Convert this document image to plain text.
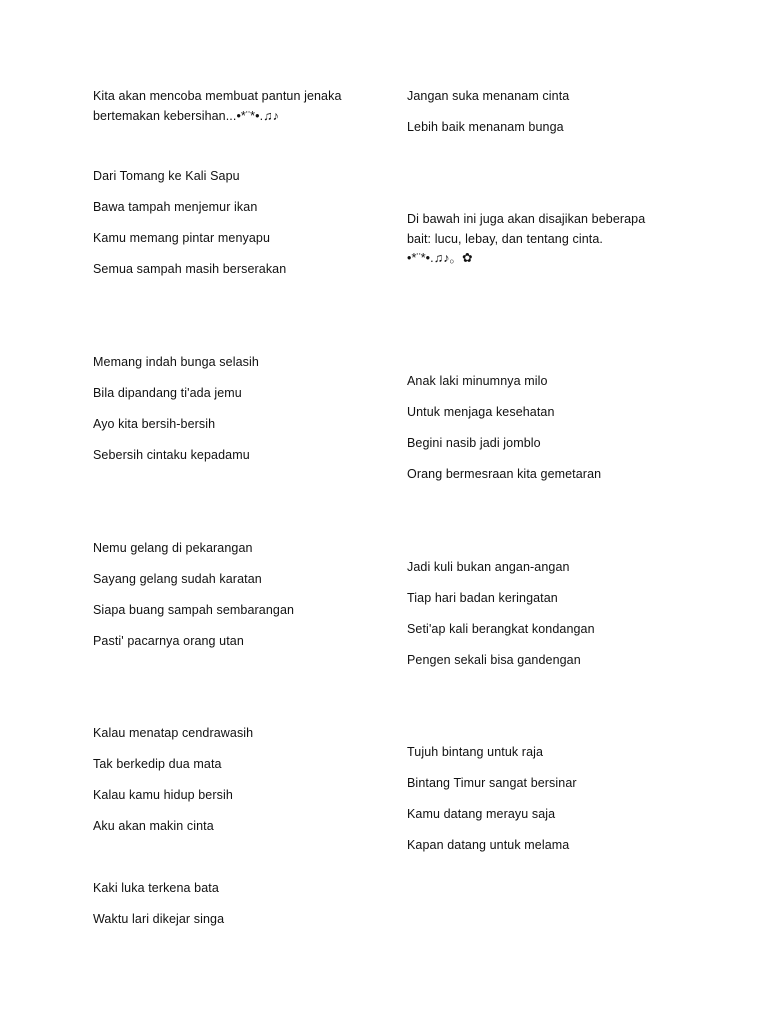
Kita akan mencoba membuat pantun jenaka
bertemakan kebersihan...•*¨*•.♫♪
Dari Tomang ke Kali Sapu
Bawa tampah menjemur ikan
Kamu memang pintar menyapu
Semua sampah masih berserakan
Memang indah bunga selasih
Bila dipandang ti'ada jemu
Ayo kita bersih-bersih
Sebersih cintaku kepadamu
Nemu gelang di pekarangan
Sayang gelang sudah karatan
Siapa buang sampah sembarangan
Pasti' pacarnya orang utan
Kalau menatap cendrawasih
Tak berkedip dua mata
Kalau kamu hidup bersih
Aku akan makin cinta
Kaki luka terkena bata
Waktu lari dikejar singa
Jangan suka menanam cinta
Lebih baik menanam bunga
Di bawah ini juga akan disajikan beberapa
bait: lucu, lebay, dan tentang cinta.
•*¨*•.♫♪。✿
Anak laki minumnya milo
Untuk menjaga kesehatan
Begini nasib jadi jomblo
Orang bermesraan kita gemetaran
Jadi kuli bukan angan-angan
Tiap hari badan keringatan
Seti'ap kali berangkat kondangan
Pengen sekali bisa gandengan
Tujuh bintang untuk raja
Bintang Timur sangat bersinar
Kamu datang merayu saja
Kapan datang untuk melama
